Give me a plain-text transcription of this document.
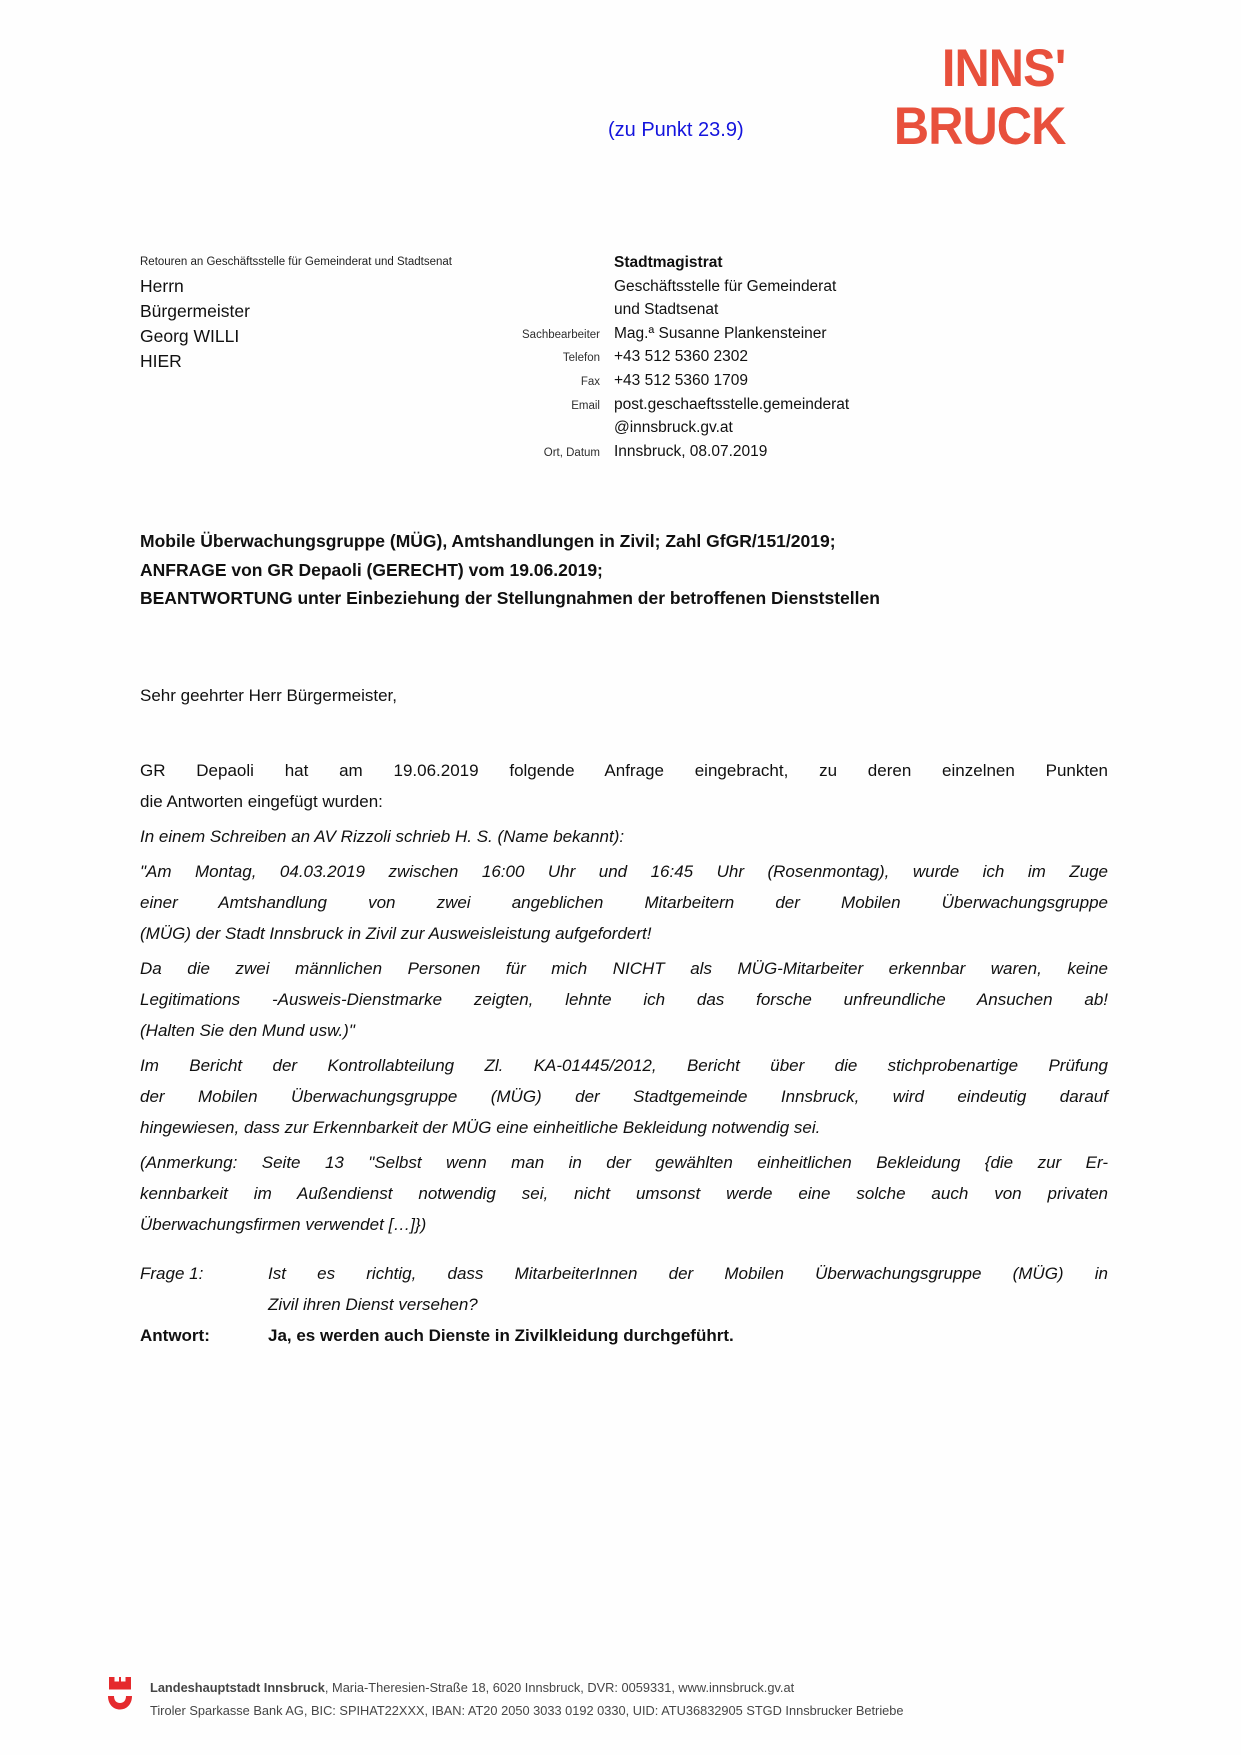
INNS'
BRUCK
(zu Punkt 23.9)
Retouren an Geschäftsstelle für Gemeinderat und Stadtsenat
Herrn
Bürgermeister
Georg WILLI
HIER
Stadtmagistrat
Geschäftsstelle für Gemeinderat
und Stadtsenat
Sachbearbeiter Mag.ª Susanne Plankensteiner
Telefon +43 512 5360 2302
Fax +43 512 5360 1709
Email post.geschaeftsstelle.gemeinderat
@innsbruck.gv.at
Ort, Datum Innsbruck, 08.07.2019
Mobile Überwachungsgruppe (MÜG), Amtshandlungen in Zivil; Zahl GfGR/151/2019;
ANFRAGE von GR Depaoli (GERECHT) vom 19.06.2019;
BEANTWORTUNG unter Einbeziehung der Stellungnahmen der betroffenen Dienststellen
Sehr geehrter Herr Bürgermeister,
GR Depaoli hat am 19.06.2019 folgende Anfrage eingebracht, zu deren einzelnen Punkten
die Antworten eingefügt wurden:
In einem Schreiben an AV Rizzoli schrieb H. S. (Name bekannt):
"Am Montag, 04.03.2019 zwischen 16:00 Uhr und 16:45 Uhr (Rosenmontag), wurde ich im Zuge
einer Amtshandlung von zwei angeblichen Mitarbeitern der Mobilen Überwachungsgruppe
(MÜG) der Stadt Innsbruck in Zivil zur Ausweisleistung aufgefordert!
Da die zwei männlichen Personen für mich NICHT als MÜG-Mitarbeiter erkennbar waren, keine
Legitimations -Ausweis-Dienstmarke zeigten, lehnte ich das forsche unfreundliche Ansuchen ab!
(Halten Sie den Mund usw.)"
Im Bericht der Kontrollabteilung Zl. KA-01445/2012, Bericht über die stichprobenartige Prüfung
der Mobilen Überwachungsgruppe (MÜG) der Stadtgemeinde Innsbruck, wird eindeutig darauf
hingewiesen, dass zur Erkennbarkeit der MÜG eine einheitliche Bekleidung notwendig sei.
(Anmerkung: Seite 13 "Selbst wenn man in der gewählten einheitlichen Bekleidung {die zur Er-
kennbarkeit im Außendienst notwendig sei, nicht umsonst werde eine solche auch von privaten
Überwachungsfirmen verwendet […]})
Frage 1:	Ist es richtig, dass MitarbeiterInnen der Mobilen Überwachungsgruppe (MÜG) in
Zivil ihren Dienst versehen?
Antwort:	Ja, es werden auch Dienste in Zivilkleidung durchgeführt.
Landeshauptstadt Innsbruck, Maria-Theresien-Straße 18, 6020 Innsbruck, DVR: 0059331, www.innsbruck.gv.at
Tiroler Sparkasse Bank AG, BIC: SPIHAT22XXX, IBAN: AT20 2050 3033 0192 0330, UID: ATU36832905 STGD Innsbrucker Betriebe
